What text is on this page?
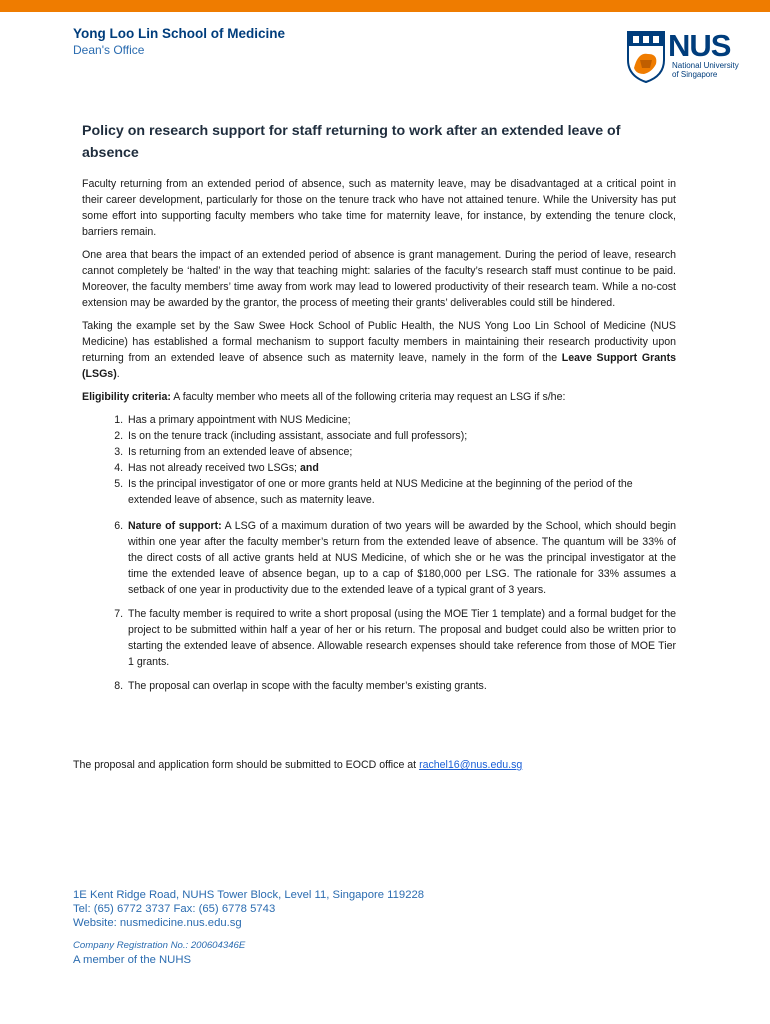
Yong Loo Lin School of Medicine

Dean's Office	NUS
National University
of Singapore
Policy on research support for staff returning to work after an extended leave of absence

Faculty returning from an extended period of absence, such as maternity leave, may be disadvantaged at a critical point in their career development, particularly for those on the tenure track who have not attained tenure. While the University has put some effort into supporting faculty members who take time for maternity leave, for instance, by extending the tenure clock, barriers remain.

One area that bears the impact of an extended period of absence is grant management. During the period of leave, research cannot completely be ‘halted’ in the way that teaching might: salaries of the faculty’s research staff must continue to be paid. Moreover, the faculty members’ time away from work may lead to lowered productivity of their research team. While a no-cost extension may be awarded by the grantor, the process of meeting their grants’ deliverables could still be hindered.

Taking the example set by the Saw Swee Hock School of Public Health, the NUS Yong Loo Lin School of Medicine (NUS Medicine) has established a formal mechanism to support faculty members in maintaining their research productivity upon returning from an extended leave of absence such as maternity leave, namely in the form of the Leave Support Grants (LSGs).

Eligibility criteria: A faculty member who meets all of the following criteria may request an LSG if s/he:

1. Has a primary appointment with NUS Medicine;
2. Is on the tenure track (including assistant, associate and full professors);
3. Is returning from an extended leave of absence;
4. Has not already received two LSGs; and
5. Is the principal investigator of one or more grants held at NUS Medicine at the beginning of the period of the extended leave of absence, such as maternity leave.
6. Nature of support: A LSG of a maximum duration of two years will be awarded by the School, which should begin within one year after the faculty member’s return from the extended leave of absence. The quantum will be 33% of the direct costs of all active grants held at NUS Medicine, of which she or he was the principal investigator at the time the extended leave of absence began, up to a cap of $180,000 per LSG. The rationale for 33% assumes a setback of one year in productivity due to the extended leave of a typical grant of 3 years.
7. The faculty member is required to write a short proposal (using the MOE Tier 1 template) and a formal budget for the project to be submitted within half a year of her or his return. The proposal and budget could also be written prior to starting the extended leave of absence. Allowable research expenses should take reference from those of MOE Tier 1 grants.
8. The proposal can overlap in scope with the faculty member’s existing grants.
The proposal and application form should be submitted to EOCD office at rachel16@nus.edu.sg
1E Kent Ridge Road, NUHS Tower Block, Level 11, Singapore 119228
Tel: (65) 6772 3737 Fax: (65) 6778 5743
Website: nusmedicine.nus.edu.sg
Company Registration No.: 200604346E
A member of the NUHS
